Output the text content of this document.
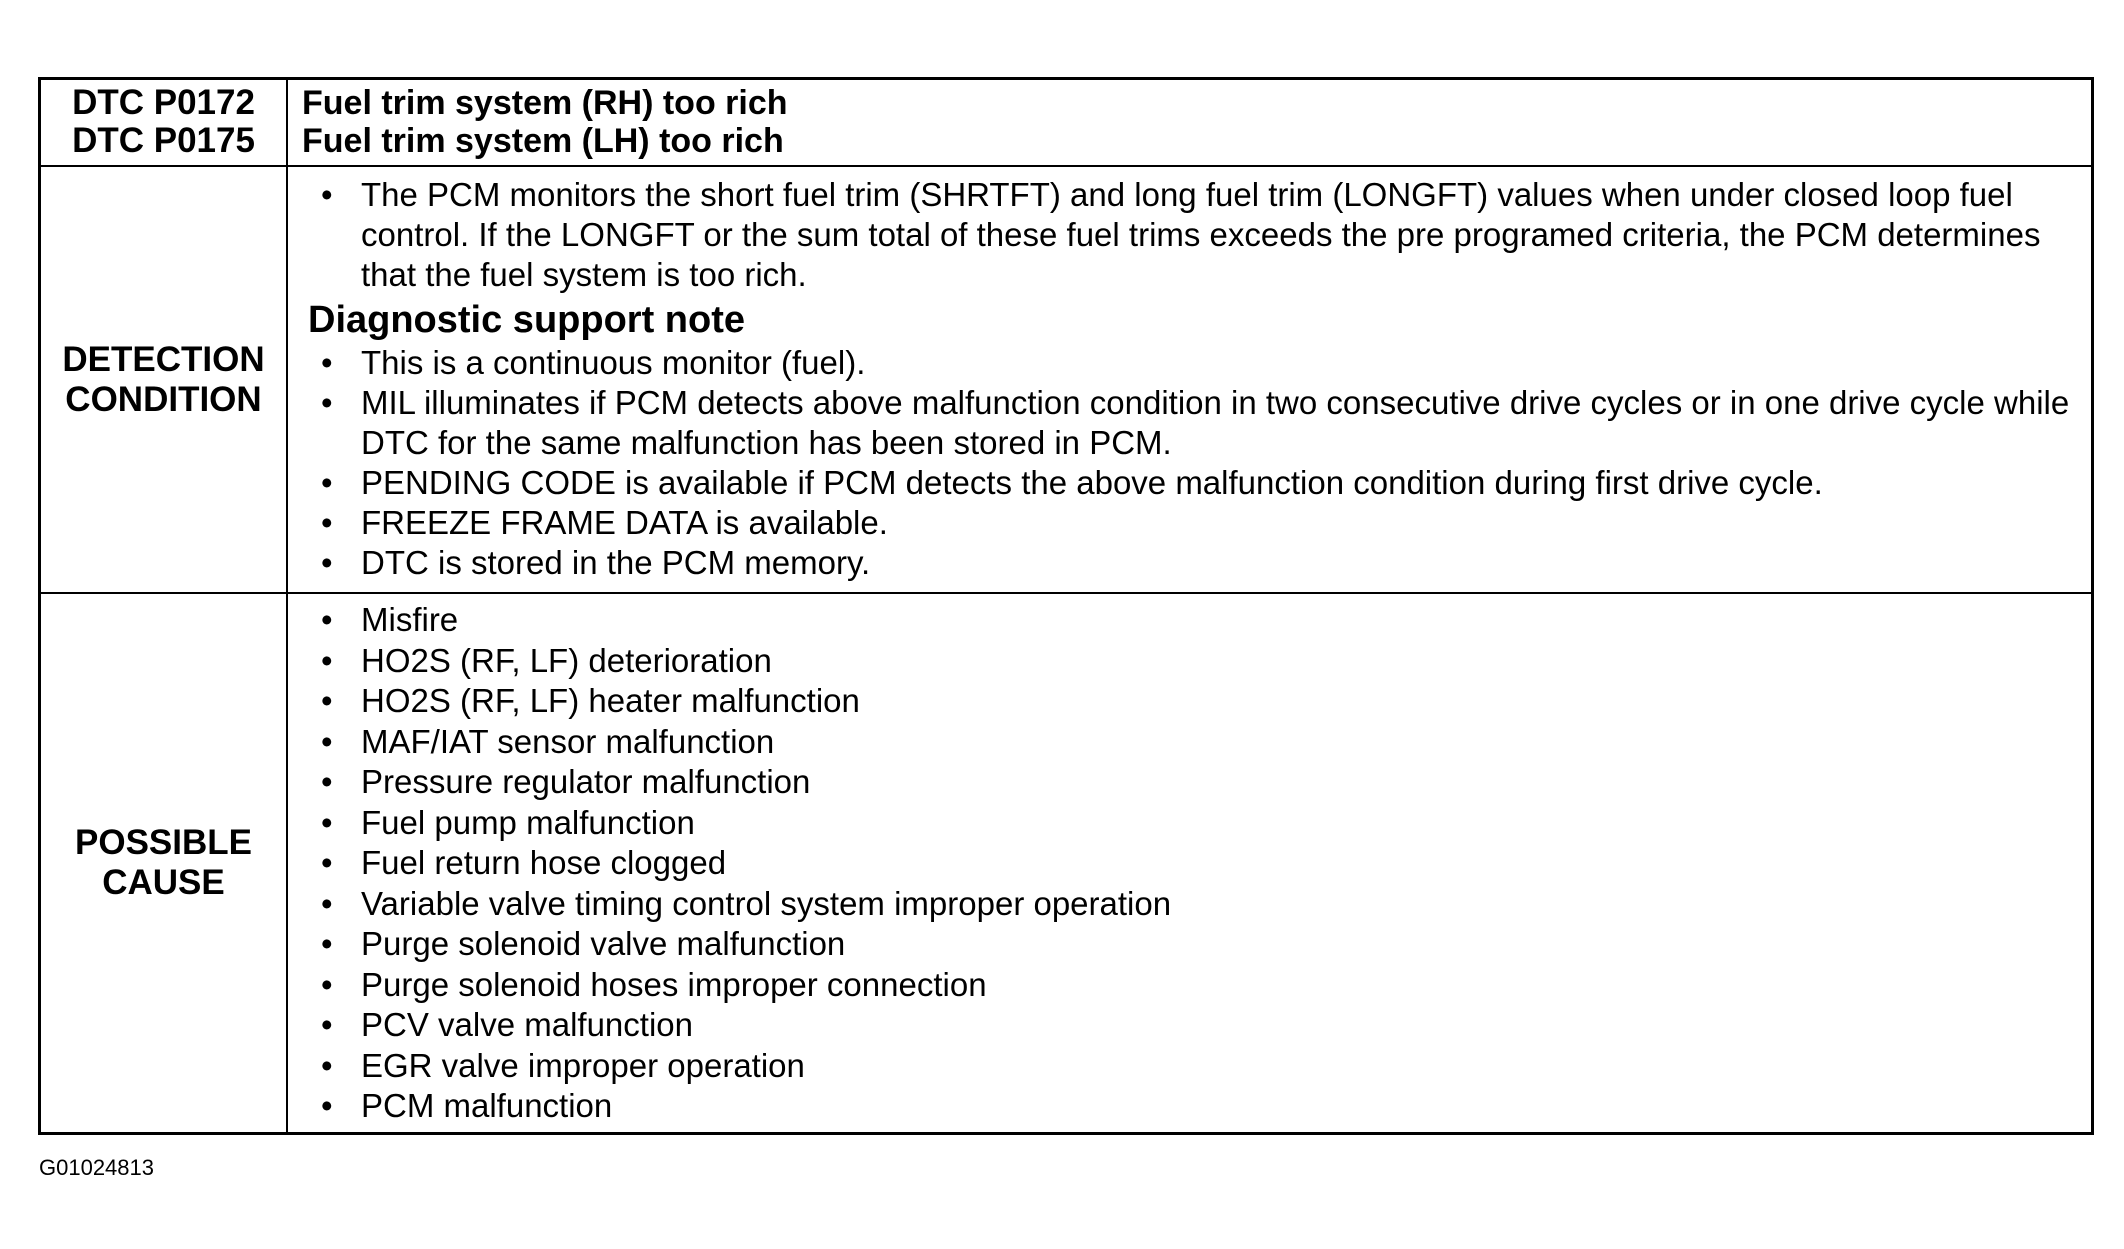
DTC P0172
DTC P0175
Fuel trim system (RH) too rich
Fuel trim system (LH) too rich
DETECTION
CONDITION
• The PCM monitors the short fuel trim (SHRTFT) and long fuel trim (LONGFT) values when under closed loop fuel control. If the LONGFT or the sum total of these fuel trims exceeds the pre programed criteria, the PCM determines that the fuel system is too rich.
Diagnostic support note
• This is a continuous monitor (fuel).
• MIL illuminates if PCM detects above malfunction condition in two consecutive drive cycles or in one drive cycle while DTC for the same malfunction has been stored in PCM.
• PENDING CODE is available if PCM detects the above malfunction condition during first drive cycle.
• FREEZE FRAME DATA is available.
• DTC is stored in the PCM memory.
POSSIBLE
CAUSE
• Misfire
• HO2S (RF, LF) deterioration
• HO2S (RF, LF) heater malfunction
• MAF/IAT sensor malfunction
• Pressure regulator malfunction
• Fuel pump malfunction
• Fuel return hose clogged
• Variable valve timing control system improper operation
• Purge solenoid valve malfunction
• Purge solenoid hoses improper connection
• PCV valve malfunction
• EGR valve improper operation
• PCM malfunction
G01024813
